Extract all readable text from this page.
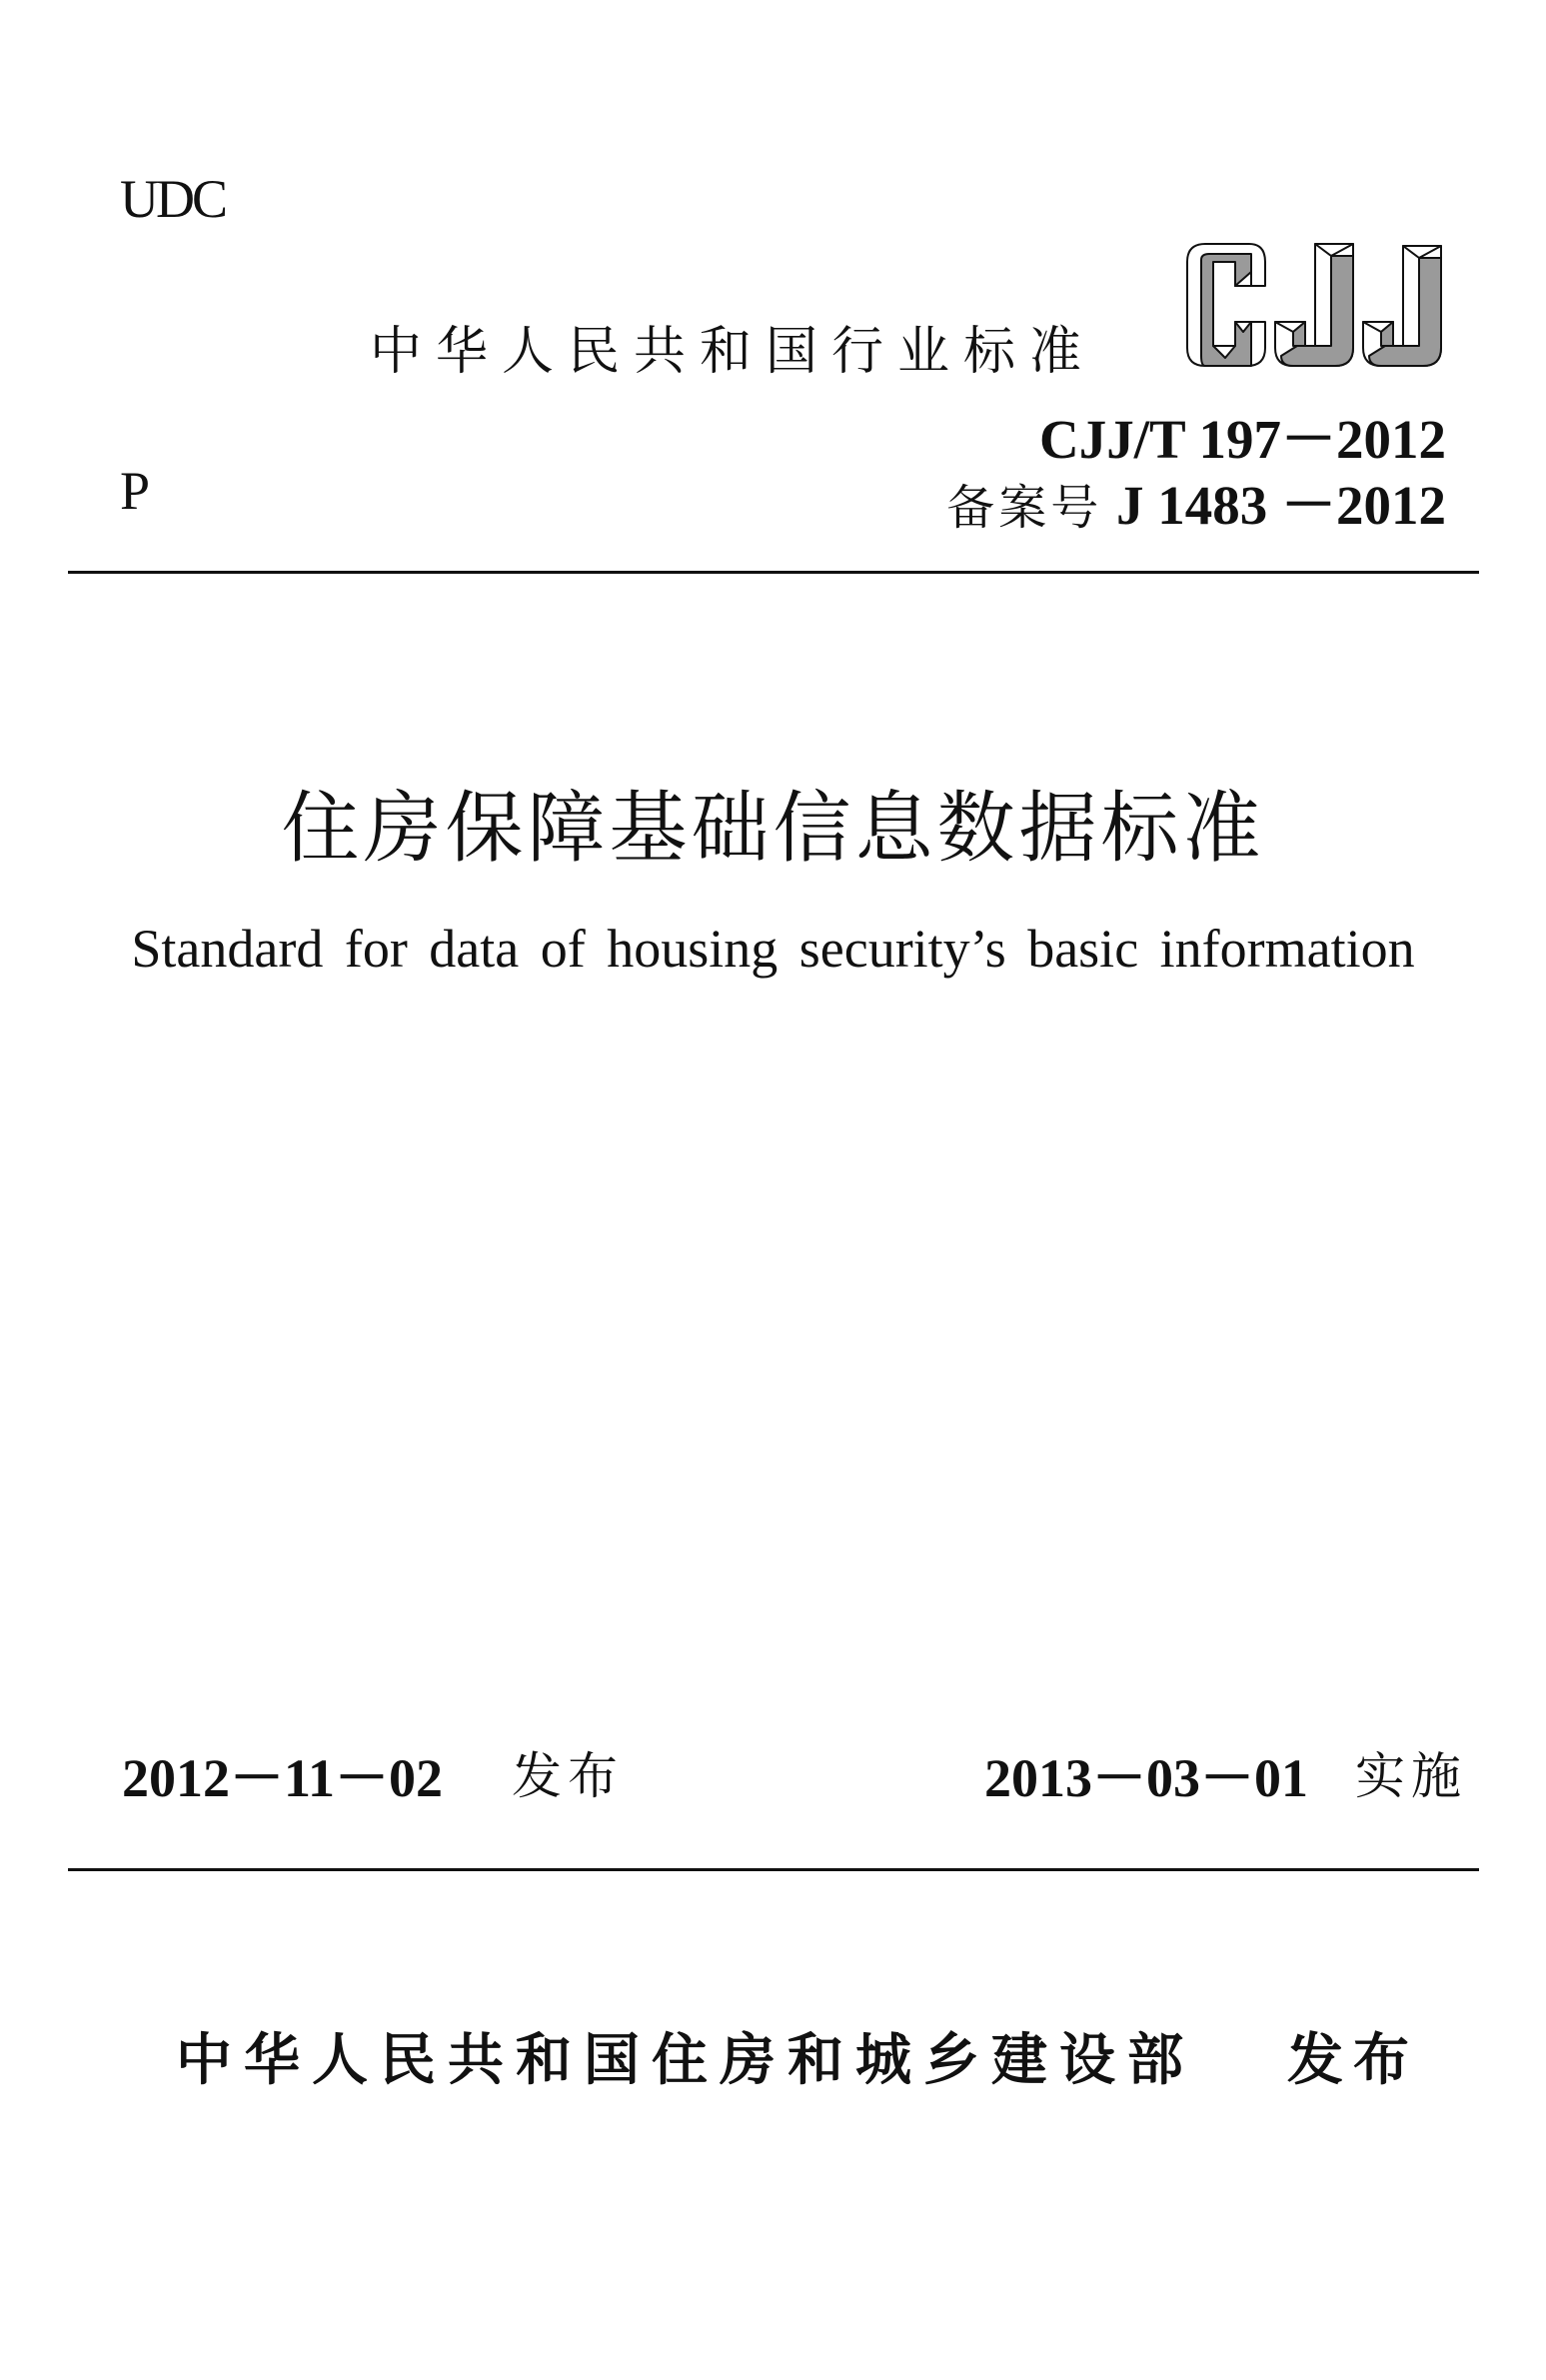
UDC
P
中华人民共和国行业标准
CJJ/T 197－2012
备案号 J 1483 －2012
住房保障基础信息数据标准
Standard for data of housing security’s basic information
2012－11－02 发布	2013－03－01 实施
中华人民共和国住房和城乡建设部 发布
